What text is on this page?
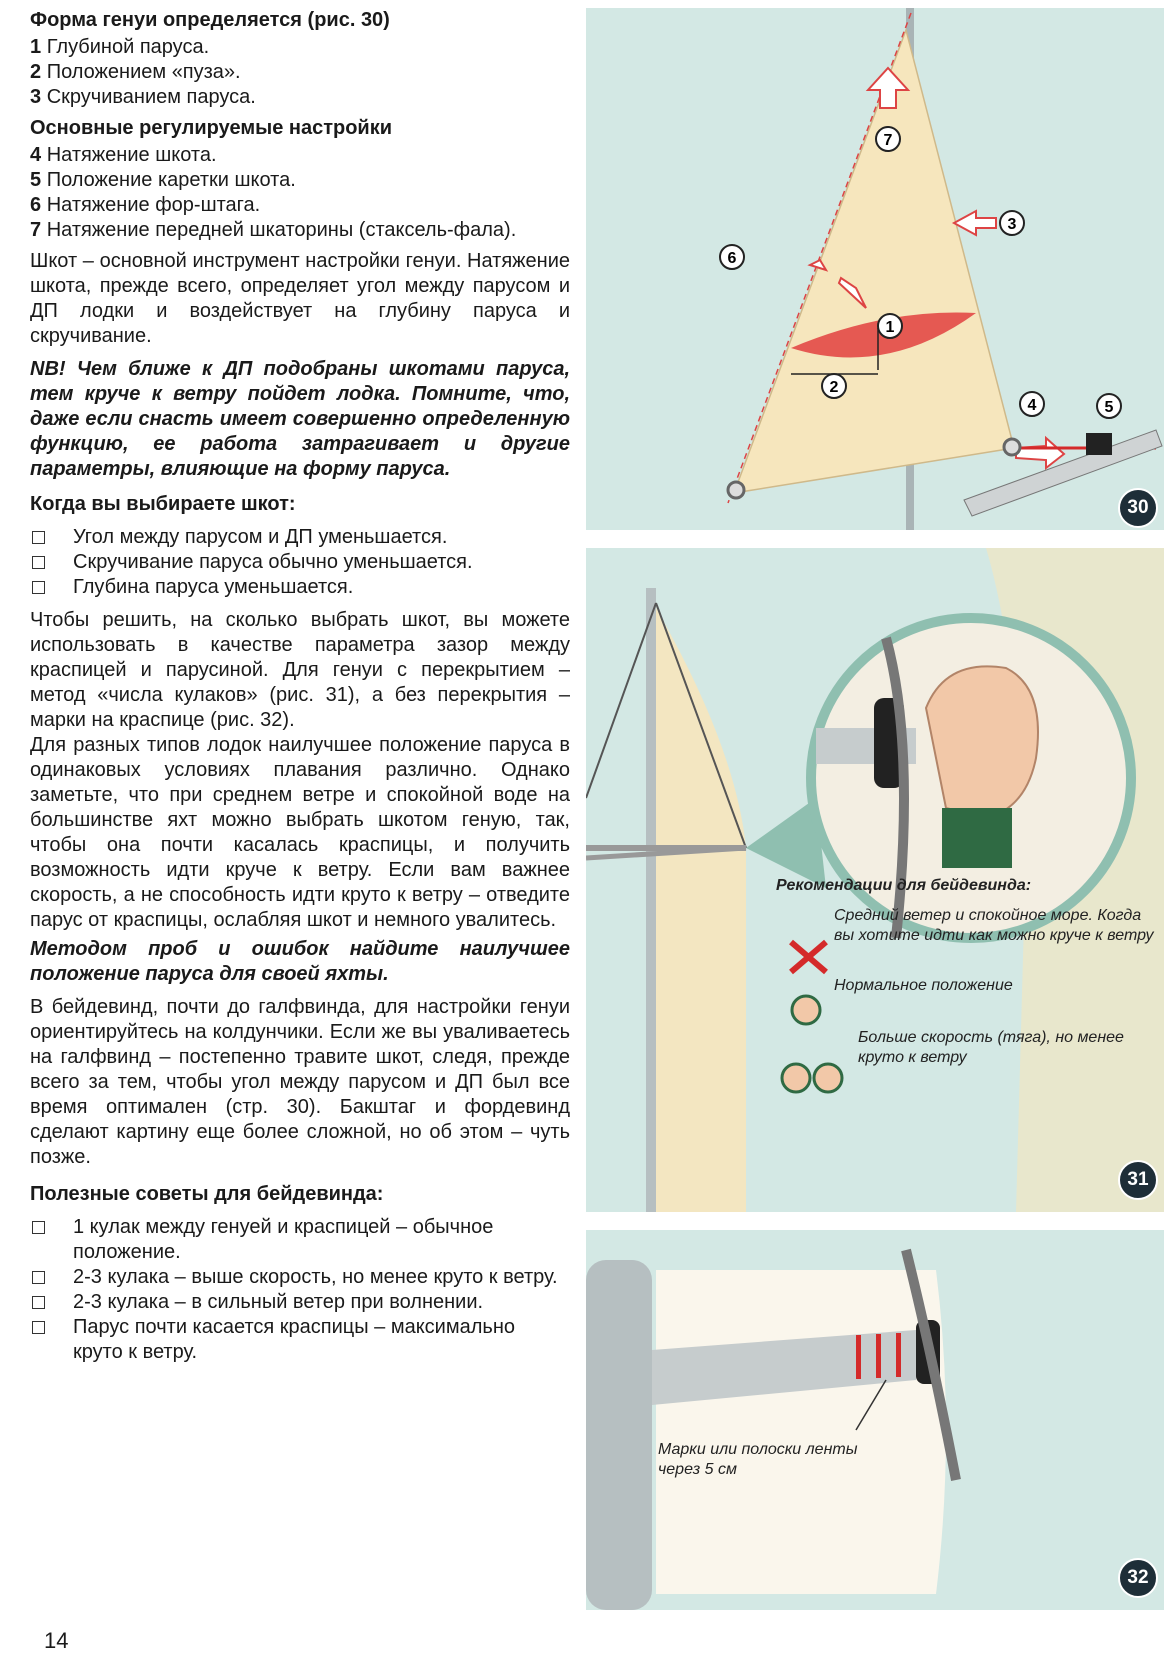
Форма генуи определяется (рис. 30)
1 Глубиной паруса.
2 Положением «пуза».
3 Скручиванием паруса.
Основные регулируемые настройки
4 Натяжение шкота.
5 Положение каретки шкота.
6 Натяжение фор-штага.
7 Натяжение передней шкаторины (стаксель-фала).

Шкот – основной инструмент настройки генуи. Натяжение шкота, прежде всего, определяет угол между парусом и ДП лодки и воздействует на глубину паруса и скручивание.

NB! Чем ближе к ДП подобраны шкотами паруса, тем круче к ветру пойдет лодка. Помните, что, даже если снасть имеет совершенно определенную функцию, ее работа затрагивает и другие параметры, влияющие на форму паруса.

Когда вы выбираете шкот:
Угол между парусом и ДП уменьшается.
Скручивание паруса обычно уменьшается.
Глубина паруса уменьшается.

Чтобы решить, на сколько выбрать шкот, вы можете использовать в качестве параметра зазор между краспицей и парусиной. Для генуи с перекрытием – метод «числа кулаков» (рис. 31), а без перекрытия – марки на краспице (рис. 32).

Для разных типов лодок наилучшее положение паруса в одинаковых условиях плавания различно. Однако заметьте, что при среднем ветре и спокойной воде на большинстве яхт можно выбрать шкотом геную, так, чтобы она почти касалась краспицы, и получить возможность идти круче к ветру. Если вам важнее скорость, а не способность идти круто к ветру – отведите парус от краспицы, ослабляя шкот и немного увалитесь.

Методом проб и ошибок найдите наилучшее положение паруса для своей яхты.

В бейдевинд, почти до галфвинда, для настройки генуи ориентируйтесь на колдунчики. Если же вы уваливаетесь на галфвинд – постепенно травите шкот, следя, прежде всего за тем, чтобы угол между парусом и ДП был все время оптимален (стр. 30). Бакштаг и фордевинд сделают картину еще более сложной, но об этом – чуть позже.

Полезные советы для бейдевинда:
1 кулак между генуей и краспицей – обычное положение.
2-3 кулака – выше скорость, но менее круто к ветру.
2-3 кулака – в сильный ветер при волнении.
Парус почти касается краспицы – максимально круто к ветру.
14
1
2
3
4	5
6
7
30
Рекомендации для бейдевинда:
Средний ветер и спокойное море. Когда вы хотите идти как можно круче к ветру
Нормальное положение
Больше скорость (тяга), но менее круто к ветру
31
Марки или полоски ленты через 5 см
32
